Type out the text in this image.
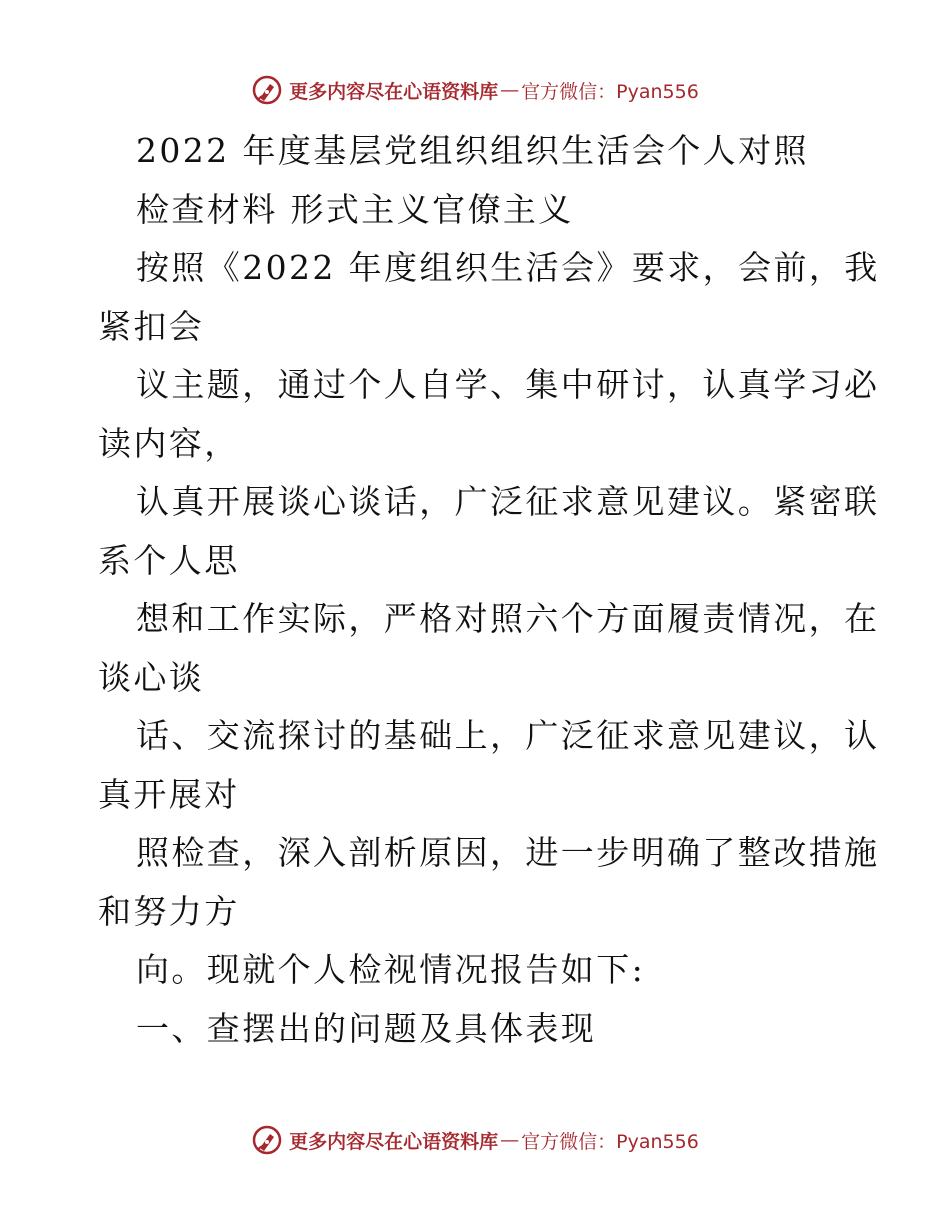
更多内容尽在心语资料库 — 官方微信：Pyan556
2022 年度基层党组织组织生活会个人对照
检查材料 形式主义官僚主义
按照《2022 年度组织生活会》要求，会前，我
紧扣会
议主题，通过个人自学、集中研讨，认真学习必
读内容，
认真开展谈心谈话，广泛征求意见建议。紧密联
系个人思
想和工作实际，严格对照六个方面履责情况，在
谈心谈
话、交流探讨的基础上，广泛征求意见建议，认
真开展对
照检查，深入剖析原因，进一步明确了整改措施
和努力方
向。现就个人检视情况报告如下:
一、查摆出的问题及具体表现
更多内容尽在心语资料库 — 官方微信：Pyan556
